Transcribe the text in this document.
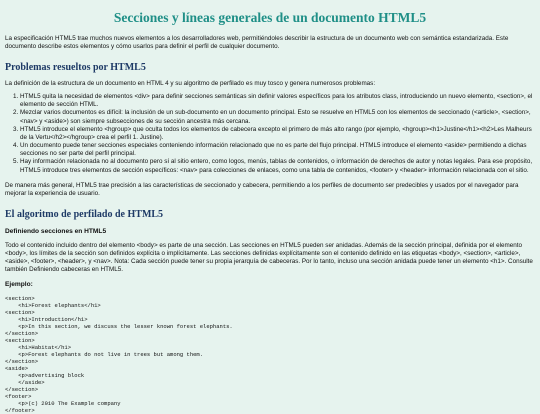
Secciones y líneas generales de un documento HTML5

La especificación HTML5 trae muchos nuevos elementos a los desarrolladores web, permitiéndoles describir la estructura de un documento web con semántica estandarizada. Este documento describe estos elementos y cómo usarlos para definir el perfil de cualquier documento.

Problemas resueltos por HTML5

La definición de la estructura de un documento en HTML 4 y su algoritmo de perfilado es muy tosco y genera numerosos problemas:

1. HTML5 quita la necesidad de elementos <div> para definir secciones semánticas sin definir valores específicos para los atributos class, introduciendo un nuevo elemento, <section>, el elemento de sección HTML.
2. Mezclar varios documentos es difícil: la inclusión de un sub-documento en un documento principal. Esto se resuelve en HTML5 con los elementos de seccionado (<article>, <section>, <nav> y <aside>) son siempre subsecciones de su sección ancestra más cercana.
3. HTML5 introduce el elemento <hgroup> que oculta todos los elementos de cabecera excepto el primero de más alto rango (por ejemplo, <hgroup><h1>Justine</h1><h2>Les Malheurs de la Vertu</h2></hgroup> crea el perfil 1. Justine).
4. Un documento puede tener secciones especiales conteniendo información relacionado que no es parte del flujo principal. HTML5 introduce el elemento <aside> permitiendo a dichas secciones no ser parte del perfil principal.
5. Hay información relacionada no al documento pero sí al sitio entero, como logos, menús, tablas de contenidos, o información de derechos de autor y notas legales. Para ese propósito, HTML5 introduce tres elementos de sección específicos: <nav> para colecciones de enlaces, como una tabla de contenidos, <footer> y <header> información relacionada con el sitio.

De manera más general, HTML5 trae precisión a las características de seccionado y cabecera, permitiendo a los perfiles de documento ser predecibles y usados por el navegador para mejorar la experiencia de usuario.

El algoritmo de perfilado de HTML5
Definiendo secciones en HTML5

Todo el contenido incluido dentro del elemento <body> es parte de una sección. Las secciones en HTML5 pueden ser anidadas. Además de la sección principal, definida por el elemento <body>, los límites de la sección son definidos explícita o implícitamente. Las secciones definidas explícitamente son el contenido definido en las etiquetas <body>, <section>, <article>, <aside>, <footer>, <header>, y <nav>. Nota: Cada sección puede tener su propia jerarquía de cabeceras. Por lo tanto, incluso una sección anidada puede tener un elemento <h1>. Consulte también Definiendo cabeceras en HTML5.

Ejemplo:
<section>
<h1>Forest elephants</h1>
<section>
<h1>Introduction</h1>
<p>In this section, we discuss the lesser known forest elephants.
</section>
<section>
<h1>Habitat</h1>
<p>Forest elephants do not live in trees but among them.
</section>
<aside>
<p>advertising block
</aside>
</section>
<footer>
<p>(c) 2010 The Example company
</footer>
